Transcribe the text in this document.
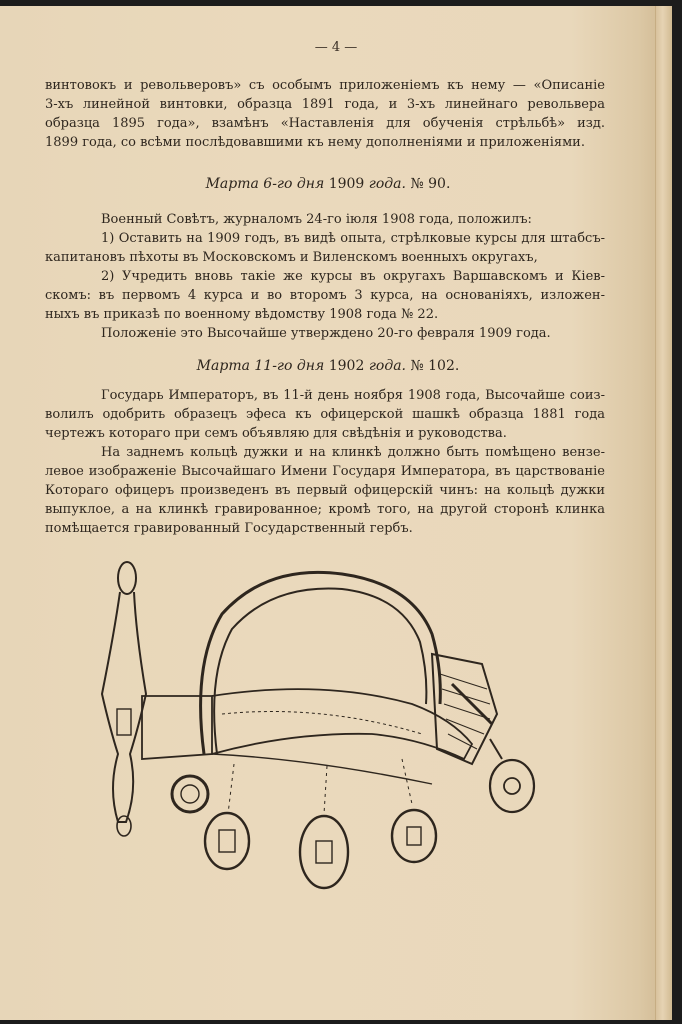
— 4 —
винтовокъ и револьверовъ» съ особымъ приложеніемъ къ нему — «Описаніе
3-хъ линейной винтовки, образца 1891 года, и 3-хъ линейнаго револьвера
образца 1895 года», взамѣнъ «Наставленія для обученія стрѣльбѣ» изд.
1899 года, со всѣми послѣдовавшими къ нему дополненіями и приложеніями.
Марта 6-го дня 1909 года. № 90.
Военный Совѣтъ, журналомъ 24-го іюля 1908 года, положилъ:
1) Оставить на 1909 годъ, въ видѣ опыта, стрѣлковые курсы для штабсъ-
капитановъ пѣхоты въ Московскомъ и Виленскомъ военныхъ округахъ,
2) Учредить вновь такіе же курсы въ округахъ Варшавскомъ и Кіев-
скомъ: въ первомъ 4 курса и во второмъ 3 курса, на основаніяхъ, изложен-
ныхъ въ приказѣ по военному вѣдомству 1908 года № 22.
Положеніе это Высочайше утверждено 20-го февраля 1909 года.
Марта 11-го дня 1902 года. № 102.
Государь Императоръ, въ 11-й день ноября 1908 года, Высочайше соиз-
волилъ одобрить образецъ эфеса къ офицерской шашкѣ образца 1881 года
чертежъ котораго при семъ объявляю для свѣдѣнія и руководства.
На заднемъ кольцѣ дужки и на клинкѣ должно быть помѣщено вензе-
левое изображеніе Высочайшаго Имени Государя Императора, въ царствованіе
Котораго офицеръ произведенъ въ первый офицерскій чинъ: на кольцѣ дужки
выпуклое, а на клинкѣ гравированное; кромѣ того, на другой сторонѣ клинка
помѣщается гравированный Государственный гербъ.
